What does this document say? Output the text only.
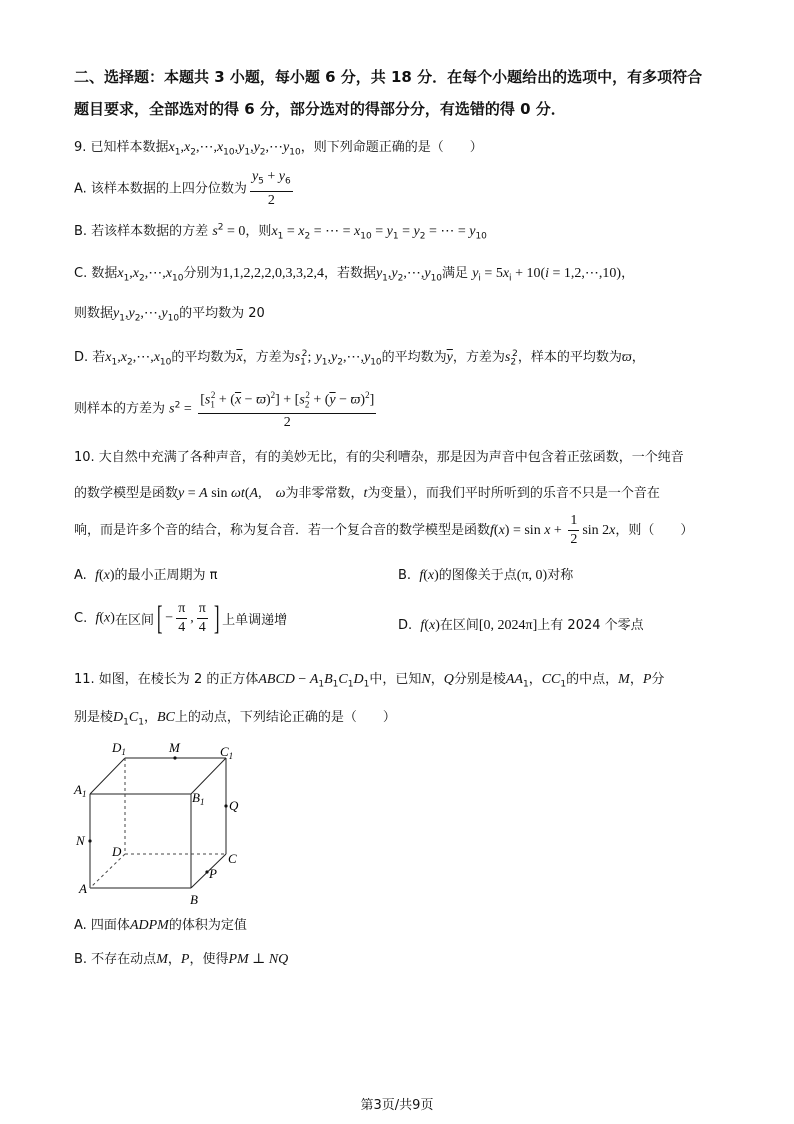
二、选择题：本题共 3 小题，每小题 6 分，共 18 分．在每个小题给出的选项中，有多项符合
题目要求，全部选对的得 6 分，部分选对的得部分分，有选错的得 0 分．
9. 已知样本数据$x_1,x_2,\cdots,x_{10},y_1,y_2,\cdots y_{10}$，则下列命题正确的是（　　）
A. 该样本数据的上四分位数为 $\frac{y_5 + y_6}{2}$
B. 若该样本数据的方差 $s^2 = 0$，则$x_1 = x_2$ = ⋯ = $x_{10} = y_1 = y_2$ = ⋯ = $y_{10}$
C. 数据$x_1,x_2,\cdots,x_{10}$分别为1,1,2,2,2,0,3,3,2,4，若数据$y_1,y_2,\cdots,y_{10}$满足 $y_i = 5x_i + 10(i$ = 1,2,⋯,10)，
则数据$y_1,y_2,\cdots,y_{10}$的平均数为 20
D. 若$x_1,x_2,\cdots,x_{10}$的平均数为$\overline{x}$，方差为$s_1^2$; $y_1,y_2,\cdots,y_{10}$的平均数为$\overline{y}$，方差为$s_2^2$，样本的平均数为ϖ，
则样本的方差为 $s^2 = \frac{[s_1^2 + (\overline{x} - ϖ)^2] + [s_2^2 + (\overline{y} - ϖ)^2]}{2}$
10. 大自然中充满了各种声音，有的美妙无比，有的尖利嘈杂，那是因为声音中包含着正弦函数，一个纯音
的数学模型是函数y = A sin ωt(A,　ω为非零常数，t为变量），而我们平时所听到的乐音不只是一个音在
响，而是许多个音的结合，称为复合音．若一个复合音的数学模型是函数$f(x) = \sin x + \frac{1}{2}$ sin 2x，则（　　）
A.  f(x)的最小正周期为 π	B.  f(x)的图像关于点(π, 0)对称
C.  f(x)在区间[ − $\frac{\pi}{4}$ , $\frac{\pi}{4}$ ] 上单调递增	D.  f(x)在区间[0, 2024π]上有 2024 个零点
11. 如图，在棱长为 2 的正方体ABCD − $A_1B_1C_1D_1$中，已知N，Q分别是棱$AA_1$，$CC_1$的中点，M，P分
别是棱$D_1C_1$，BC上的动点，下列结论正确的是（　　）
$D_1$	M	$C_1$
$A_1$	$B_1$ Q
N
D	C
P
A
B
A. 四面体ADPM的体积为定值
B. 不存在动点M，P，使得PM ⊥ NQ
第3页/共9页
